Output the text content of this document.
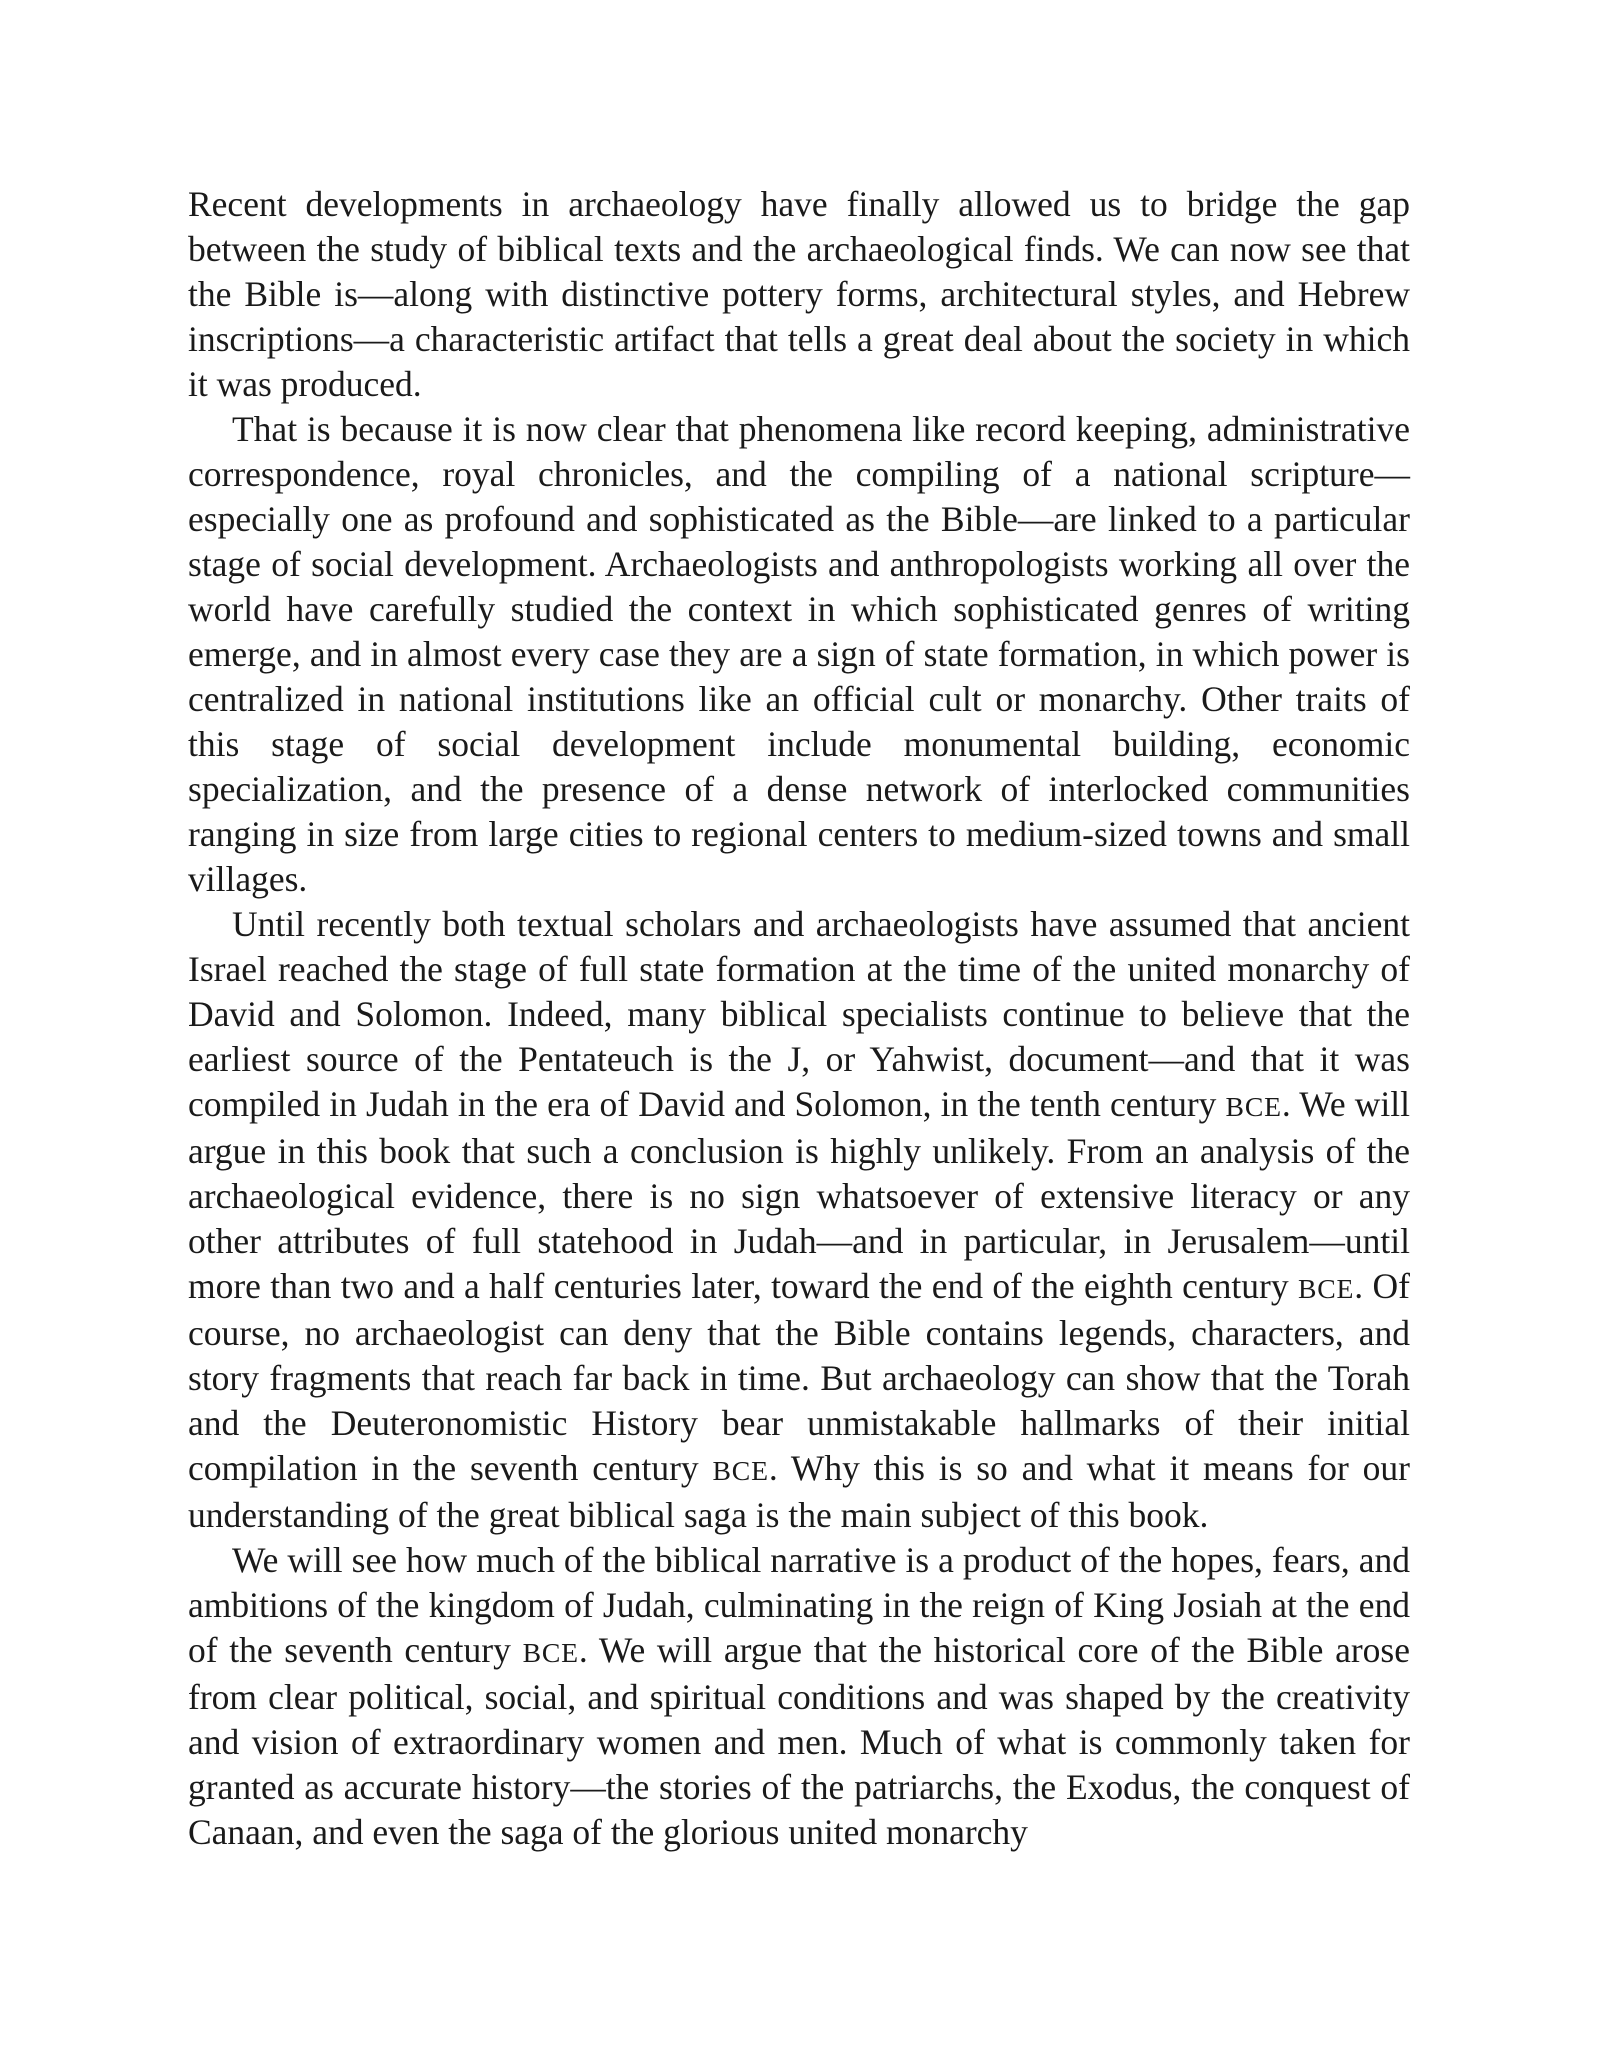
Recent developments in archaeology have finally allowed us to bridge the gap between the study of biblical texts and the archaeological finds. We can now see that the Bible is—along with distinctive pottery forms, architectural styles, and Hebrew inscriptions—a characteristic artifact that tells a great deal about the society in which it was produced.

That is because it is now clear that phenomena like record keeping, administrative correspondence, royal chronicles, and the compiling of a national scripture—especially one as profound and sophisticated as the Bible—are linked to a particular stage of social development. Archaeologists and anthropologists working all over the world have carefully studied the context in which sophisticated genres of writing emerge, and in almost every case they are a sign of state formation, in which power is centralized in national institutions like an official cult or monarchy. Other traits of this stage of social development include monumental building, economic specialization, and the presence of a dense network of interlocked communities ranging in size from large cities to regional centers to medium-sized towns and small villages.

Until recently both textual scholars and archaeologists have assumed that ancient Israel reached the stage of full state formation at the time of the united monarchy of David and Solomon. Indeed, many biblical specialists continue to believe that the earliest source of the Pentateuch is the J, or Yahwist, document—and that it was compiled in Judah in the era of David and Solomon, in the tenth century BCE. We will argue in this book that such a conclusion is highly unlikely. From an analysis of the archaeological evidence, there is no sign whatsoever of extensive literacy or any other attributes of full statehood in Judah—and in particular, in Jerusalem—until more than two and a half centuries later, toward the end of the eighth century BCE. Of course, no archaeologist can deny that the Bible contains legends, characters, and story fragments that reach far back in time. But archaeology can show that the Torah and the Deuteronomistic History bear unmistakable hallmarks of their initial compilation in the seventh century BCE. Why this is so and what it means for our understanding of the great biblical saga is the main subject of this book.

We will see how much of the biblical narrative is a product of the hopes, fears, and ambitions of the kingdom of Judah, culminating in the reign of King Josiah at the end of the seventh century BCE. We will argue that the historical core of the Bible arose from clear political, social, and spiritual conditions and was shaped by the creativity and vision of extraordinary women and men. Much of what is commonly taken for granted as accurate history—the stories of the patriarchs, the Exodus, the conquest of Canaan, and even the saga of the glorious united monarchy
